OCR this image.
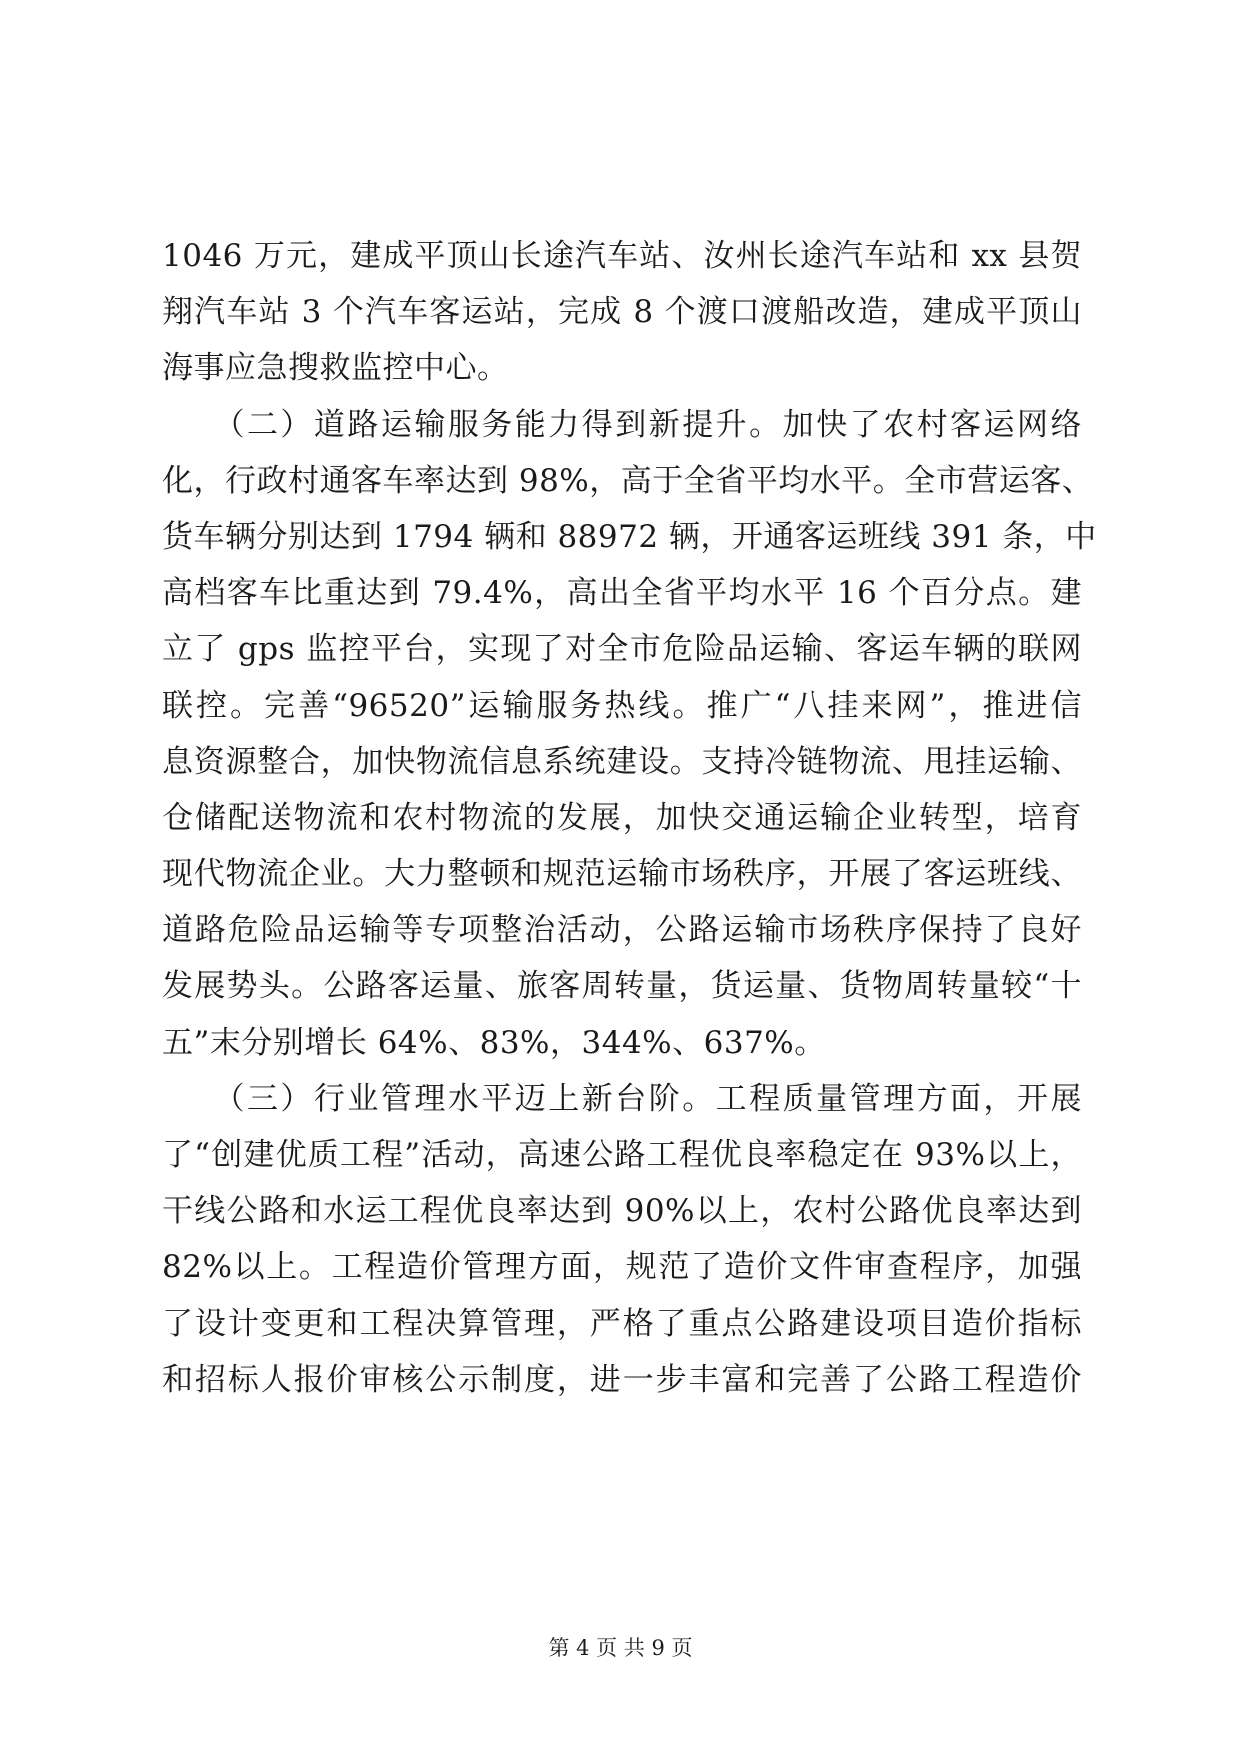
1046 万元，建成平顶山长途汽车站、汝州长途汽车站和 xx 县贺
翔汽车站 3 个汽车客运站，完成 8 个渡口渡船改造，建成平顶山
海事应急搜救监控中心。
　　（二）道路运输服务能力得到新提升。加快了农村客运网络
化，行政村通客车率达到 98%，高于全省平均水平。全市营运客、
货车辆分别达到 1794 辆和 88972 辆，开通客运班线 391 条，中
高档客车比重达到 79.4%，高出全省平均水平 16 个百分点。建
立了 gps 监控平台，实现了对全市危险品运输、客运车辆的联网
联控。完善“96520”运输服务热线。推广“八挂来网”，推进信
息资源整合，加快物流信息系统建设。支持冷链物流、甩挂运输、
仓储配送物流和农村物流的发展，加快交通运输企业转型，培育
现代物流企业。大力整顿和规范运输市场秩序，开展了客运班线、
道路危险品运输等专项整治活动，公路运输市场秩序保持了良好
发展势头。公路客运量、旅客周转量，货运量、货物周转量较“十
五”末分别增长 64%、83%，344%、637%。
　　（三）行业管理水平迈上新台阶。工程质量管理方面，开展
了“创建优质工程”活动，高速公路工程优良率稳定在 93%以上，
干线公路和水运工程优良率达到 90%以上，农村公路优良率达到
82%以上。工程造价管理方面，规范了造价文件审查程序，加强
了设计变更和工程决算管理，严格了重点公路建设项目造价指标
和招标人报价审核公示制度，进一步丰富和完善了公路工程造价
第 4 页 共 9 页
